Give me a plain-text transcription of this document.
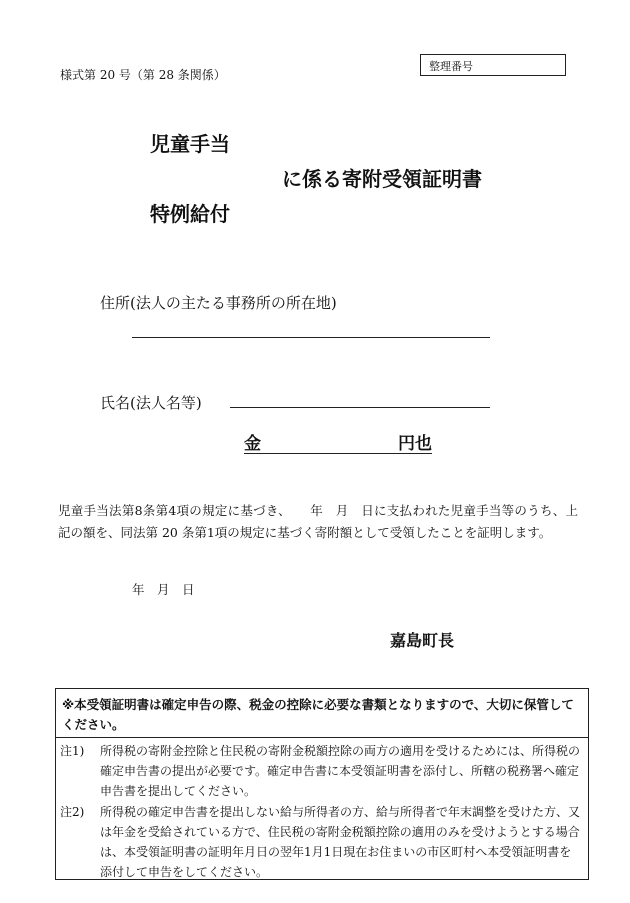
様式第 20 号（第 28 条関係）
整理番号
児童手当
に係る寄附受領証明書
特例給付
住所(法人の主たる事務所の所在地)
氏名(法人名等)
金	円也
児童手当法第8条第4項の規定に基づき、　　年　月　日に支払われた児童手当等のうち、上記の額を、同法第 20 条第1項の規定に基づく寄附額として受領したことを証明します。
年　月　日
嘉島町長
※本受領証明書は確定申告の際、税金の控除に必要な書類となりますので、大切に保管してください。
注1) 所得税の寄附金控除と住民税の寄附金税額控除の両方の適用を受けるためには、所得税の確定申告書の提出が必要です。確定申告書に本受領証明書を添付し、所轄の税務署へ確定申告書を提出してください。
注2) 所得税の確定申告書を提出しない給与所得者の方、給与所得者で年末調整を受けた方、又は年金を受給されている方で、住民税の寄附金税額控除の適用のみを受けようとする場合は、本受領証明書の証明年月日の翌年1月1日現在お住まいの市区町村へ本受領証明書を添付して申告をしてください。
